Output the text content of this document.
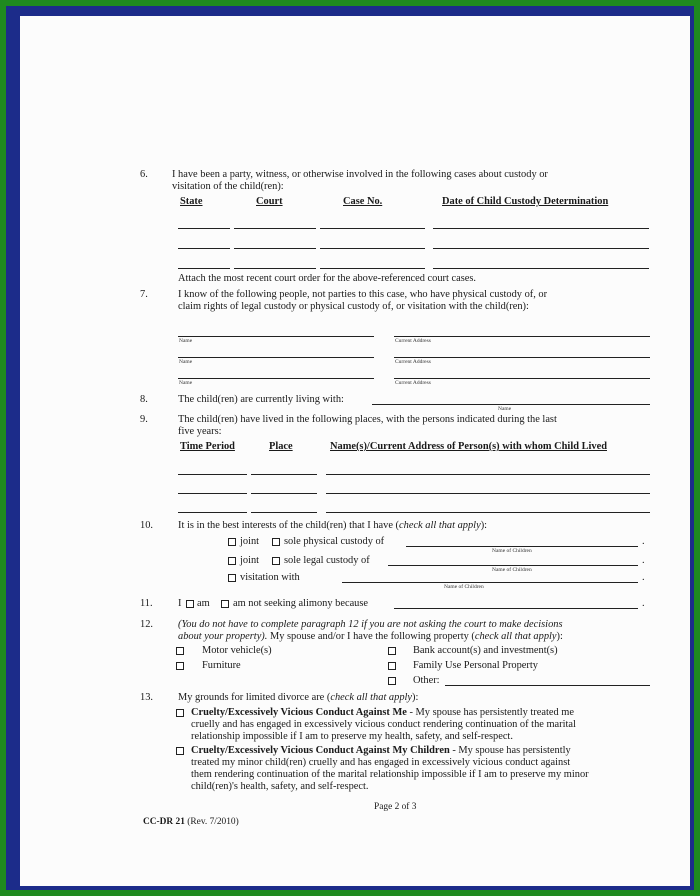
6. I have been a party, witness, or otherwise involved in the following cases about custody or
visitation of the child(ren):
State	Court	Case No.	Date of Child Custody Determination
Attach the most recent court order for the above-referenced court cases.
7.	I know of the following people, not parties to this case, who have physical custody of, or
claim rights of legal custody or physical custody of, or visitation with the child(ren):
Name	Current Address
Name	Current Address
Name	Current Address
8.	The child(ren) are currently living with:
Name
9.	The child(ren) have lived in the following places, with the persons indicated during the last
five years:
Time Period	Place	Name(s)/Current Address of Person(s) with whom Child Lived
10. It is in the best interests of the child(ren) that I have (check all that apply):
joint sole physical custody of	.
Name of Children
joint sole legal custody of	.
Name of Children
visitation with	.
Name of Children
11. I am am not seeking alimony because	.
12. (You do not have to complete paragraph 12 if you are not asking the court to make decisions
about your property). My spouse and/or I have the following property (check all that apply):
Motor vehicle(s)
Furniture
Bank account(s) and investment(s)
Family Use Personal Property
Other:
13. My grounds for limited divorce are (check all that apply):
Cruelty/Excessively Vicious Conduct Against Me - My spouse has persistently treated me
cruelly and has engaged in excessively vicious conduct rendering continuation of the marital
relationship impossible if I am to preserve my health, safety, and self-respect.
Cruelty/Excessively Vicious Conduct Against My Children - My spouse has persistently
treated my minor child(ren) cruelly and has engaged in excessively vicious conduct against
them rendering continuation of the marital relationship impossible if I am to preserve my minor
child(ren)'s health, safety, and self-respect.
Page 2 of 3
CC-DR 21 (Rev. 7/2010)
